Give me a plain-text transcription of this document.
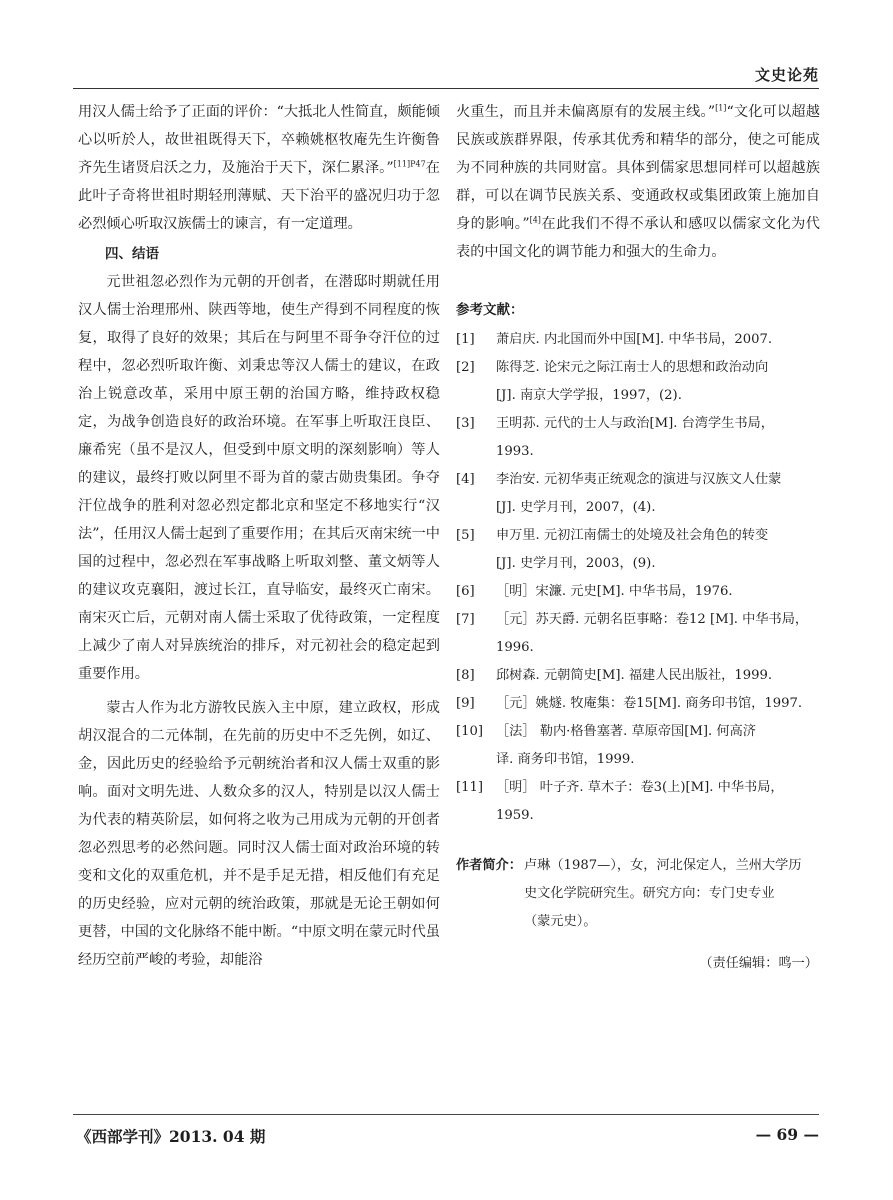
文史论苑

用汉人儒士给予了正面的评价：“大抵北人性简直，颇能倾心以听於人，故世祖既得天下，卒赖姚枢牧庵先生许衡鲁齐先生诸贤启沃之力，及施治于天下，深仁累泽。”$^{[11]P47}$在此叶子奇将世祖时期轻刑薄赋、天下治平的盛况归功于忽必烈倾心听取汉族儒士的谏言，有一定道理。

四、结语

元世祖忽必烈作为元朝的开创者，在潜邸时期就任用汉人儒士治理邢州、陕西等地，使生产得到不同程度的恢复，取得了良好的效果；其后在与阿里不哥争夺汗位的过程中，忽必烈听取许衡、刘秉忠等汉人儒士的建议，在政治上锐意改革，采用中原王朝的治国方略，维持政权稳定，为战争创造良好的政治环境。在军事上听取汪良臣、廉希宪（虽不是汉人，但受到中原文明的深刻影响）等人的建议，最终打败以阿里不哥为首的蒙古勋贵集团。争夺汗位战争的胜利对忽必烈定都北京和坚定不移地实行“汉法”，任用汉人儒士起到了重要作用；在其后灭南宋统一中国的过程中，忽必烈在军事战略上听取刘整、董文炳等人的建议攻克襄阳，渡过长江，直导临安，最终灭亡南宋。南宋灭亡后，元朝对南人儒士采取了优待政策，一定程度上减少了南人对异族统治的排斥，对元初社会的稳定起到重要作用。

蒙古人作为北方游牧民族入主中原，建立政权，形成胡汉混合的二元体制，在先前的历史中不乏先例，如辽、金，因此历史的经验给予元朝统治者和汉人儒士双重的影响。面对文明先进、人数众多的汉人，特别是以汉人儒士为代表的精英阶层，如何将之收为己用成为元朝的开创者忽必烈思考的必然问题。同时汉人儒士面对政治环境的转变和文化的双重危机，并不是手足无措，相反他们有充足的历史经验，应对元朝的统治政策，那就是无论王朝如何更替，中国的文化脉络不能中断。“中原文明在蒙元时代虽经历空前严峻的考验，却能浴

火重生，而且并未偏离原有的发展主线。”[1]“文化可以超越民族或族群界限，传承其优秀和精华的部分，使之可能成为不同种族的共同财富。具体到儒家思想同样可以超越族群，可以在调节民族关系、变通政权或集团政策上施加自身的影响。”[4]在此我们不得不承认和感叹以儒家文化为代表的中国文化的调节能力和强大的生命力。

参考文献：
[1]	萧启庆. 内北国而外中国[M]. 中华书局，2007.
[2]	陈得芝. 论宋元之际江南士人的思想和政治动向
[J]. 南京大学学报，1997，(2).
[3]	王明荪. 元代的士人与政治[M]. 台湾学生书局，
1993.
[4]	李治安. 元初华夷正统观念的演进与汉族文人仕蒙
[J]. 史学月刊，2007，(4).
[5]	申万里. 元初江南儒士的处境及社会角色的转变
[J]. 史学月刊，2003，(9).
[6]	［明］宋濂. 元史[M]. 中华书局，1976.
[7]	［元］苏天爵. 元朝名臣事略：卷12 [M]. 中华书局，
1996.
[8]	邱树森. 元朝简史[M]. 福建人民出版社，1999.
[9]	［元］姚燧. 牧庵集：卷15[M]. 商务印书馆，1997.
[10] ［法］ 勒内·格鲁塞著. 草原帝国[M]. 何高济
译. 商务印书馆，1999.
[11] ［明］ 叶子齐. 草木子：卷3(上)[M]. 中华书局，
1959.
作者简介： 卢琳（1987—），女，河北保定人，兰州大学历
史文化学院研究生。研究方向：专门史专业
（蒙元史）。
（责任编辑：鸣一）
《西部学刊》2013. 04 期	— 69 —
